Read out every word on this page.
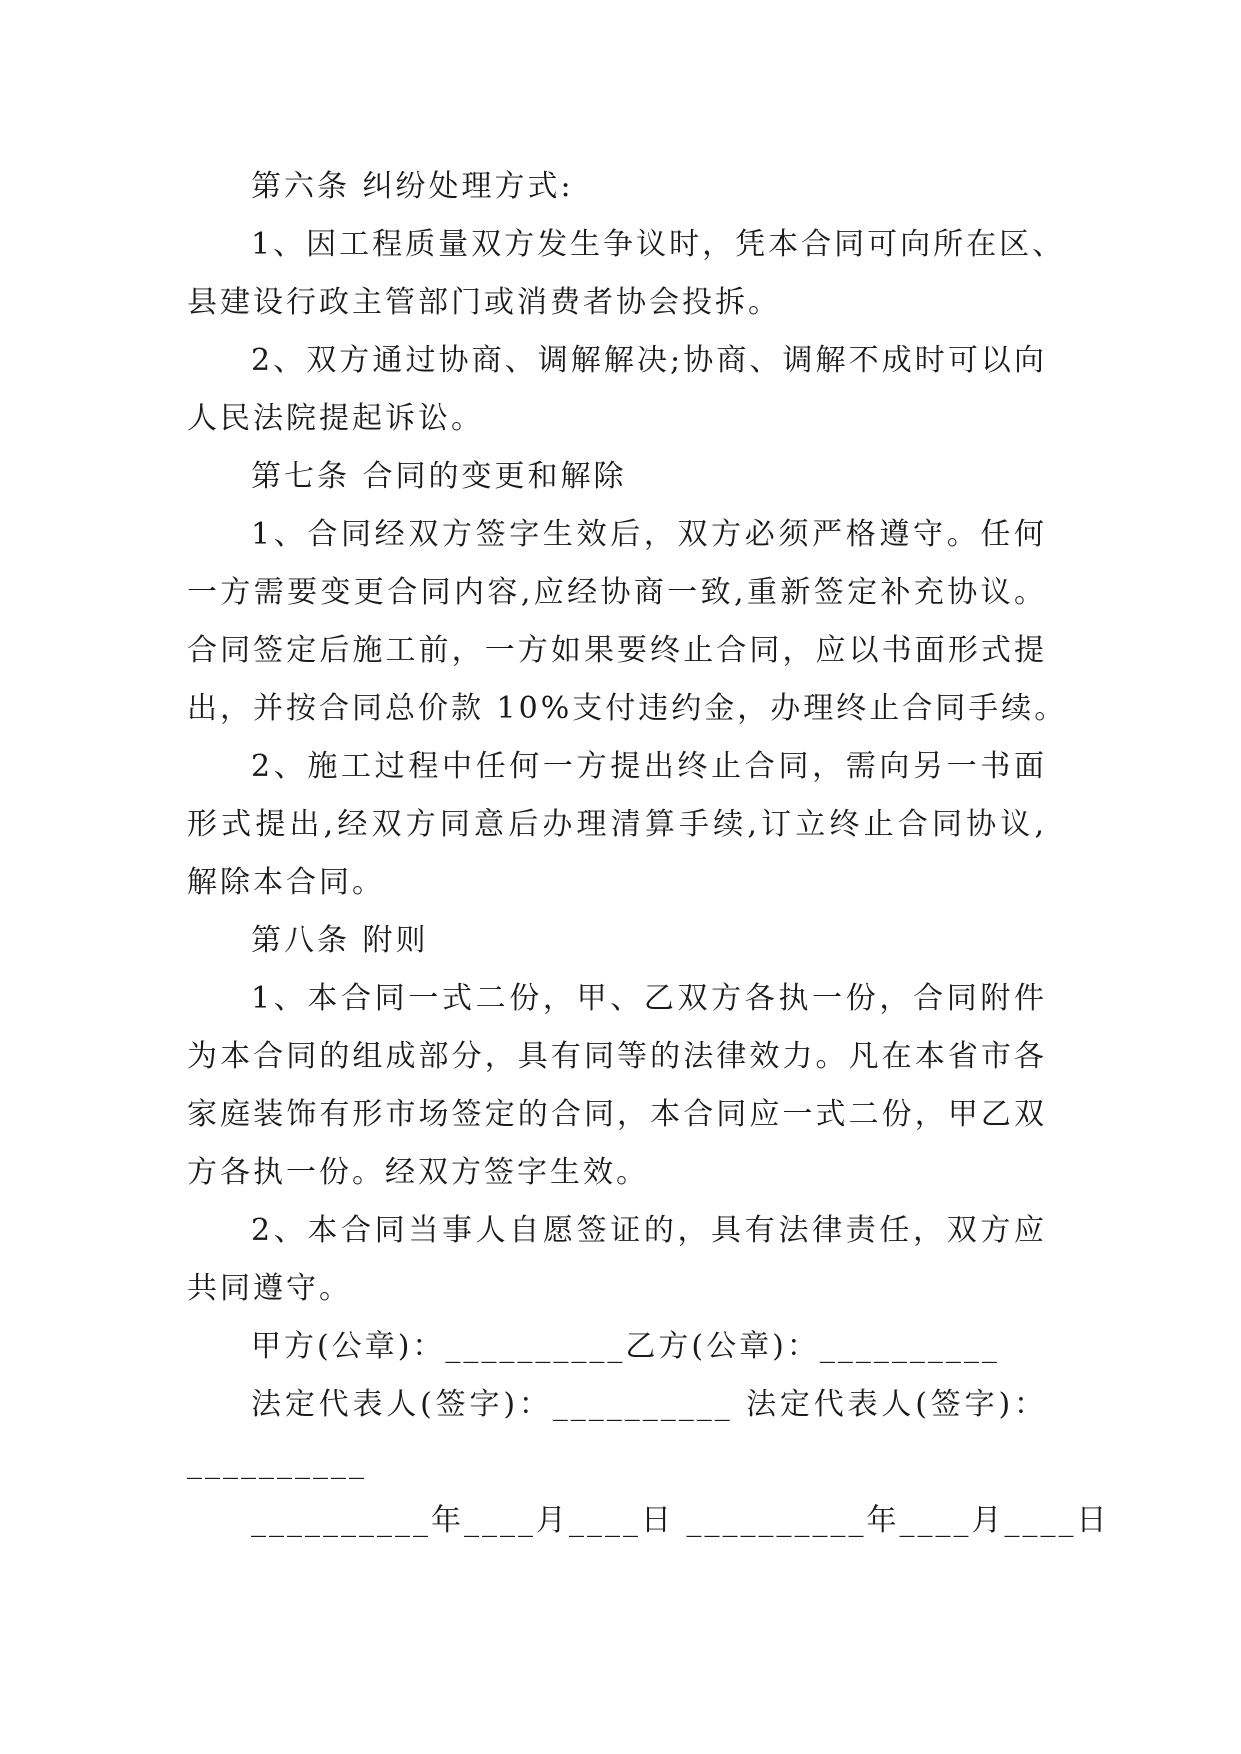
第六条 纠纷处理方式:
1、因工程质量双方发生争议时，凭本合同可向所在区、
县建设行政主管部门或消费者协会投拆。
2、双方通过协商、调解解决;协商、调解不成时可以向
人民法院提起诉讼。
第七条 合同的变更和解除
1、合同经双方签字生效后，双方必须严格遵守。任何
一方需要变更合同内容,应经协商一致,重新签定补充协议。
合同签定后施工前，一方如果要终止合同，应以书面形式提
出，并按合同总价款 10%支付违约金，办理终止合同手续。
2、施工过程中任何一方提出终止合同，需向另一书面
形式提出,经双方同意后办理清算手续,订立终止合同协议,
解除本合同。
第八条 附则
1、本合同一式二份，甲、乙双方各执一份，合同附件
为本合同的组成部分，具有同等的法律效力。凡在本省市各
家庭装饰有形市场签定的合同，本合同应一式二份，甲乙双
方各执一份。经双方签字生效。
2、本合同当事人自愿签证的，具有法律责任，双方应
共同遵守。
甲方(公章)：__________乙方(公章)：__________
法定代表人(签字)：__________ 法定代表人(签字)：
__________
__________年____月____日 __________年____月____日
